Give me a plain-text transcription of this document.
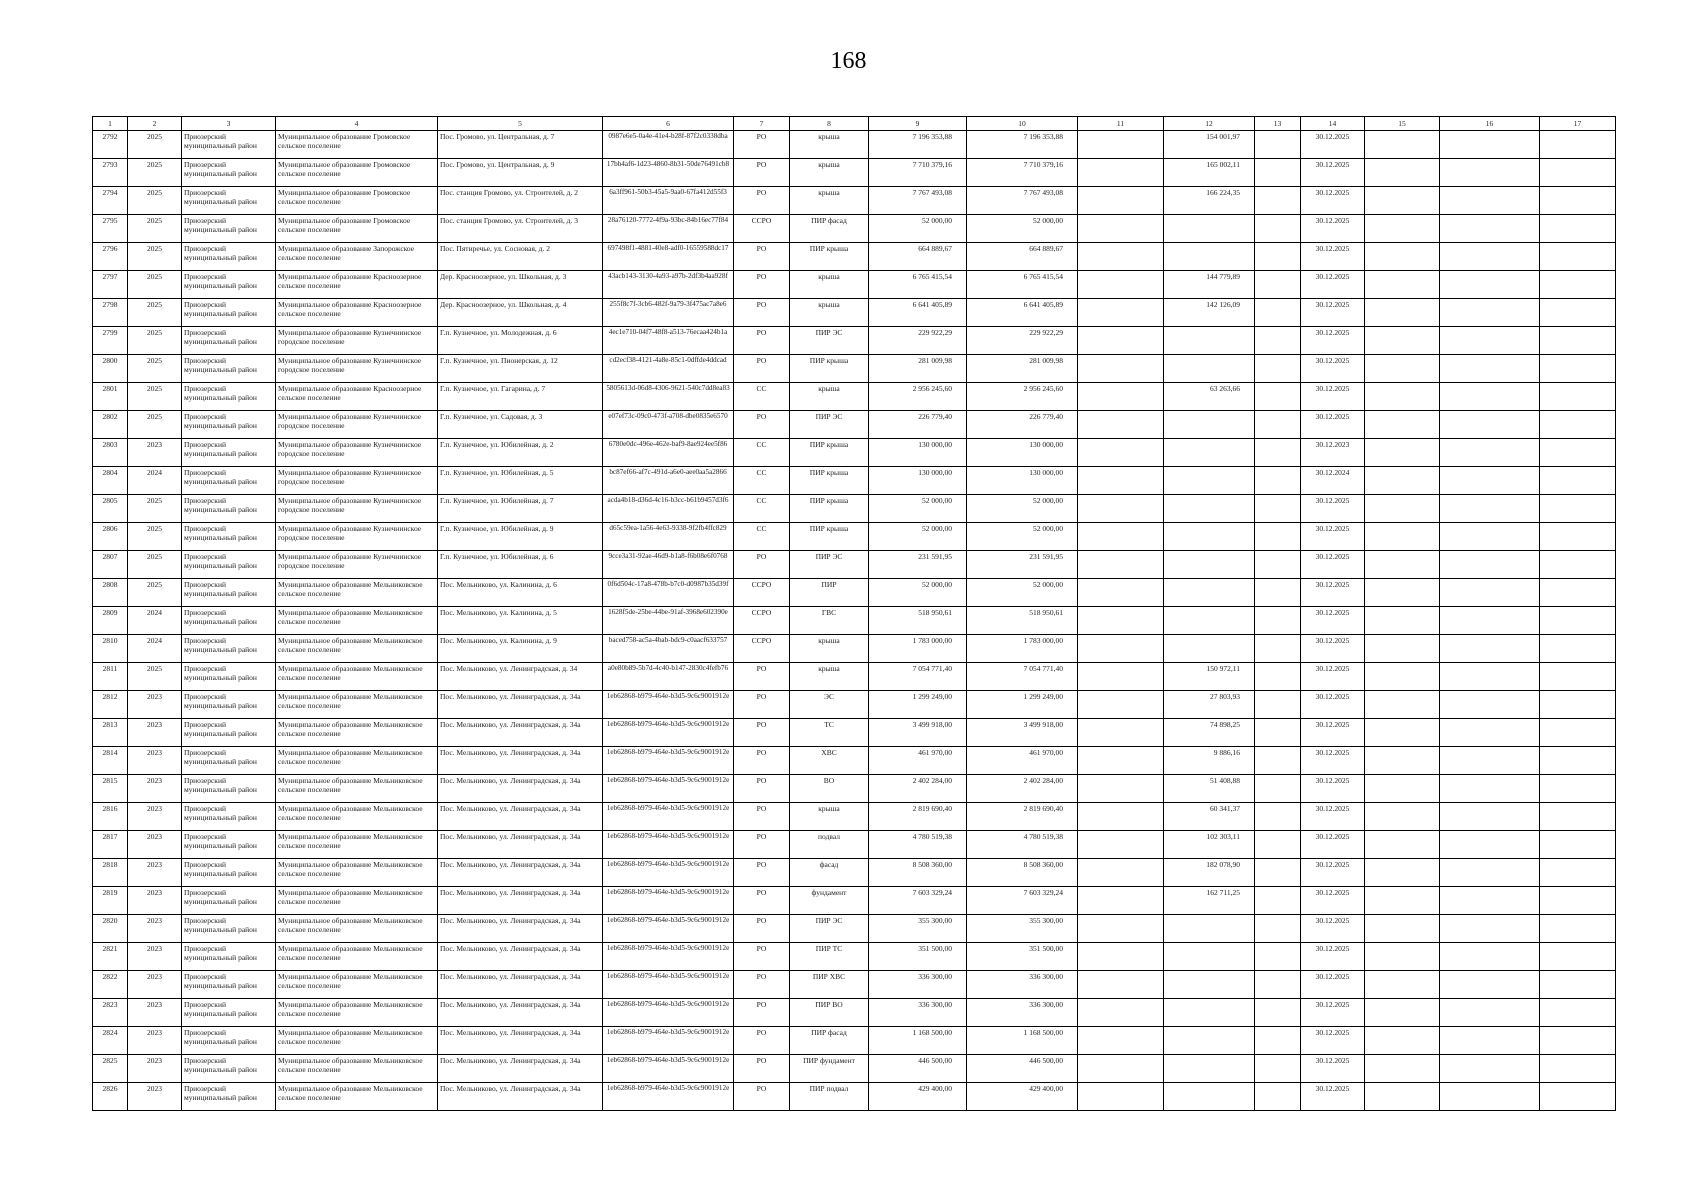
168
1	2	3	4	5	6	7	8	9	10	11	12	13	14	15	16	17
2792	2025	Приозерский муниципальный район	Муниципальное образование Громовское сельское поселение	Пос. Громово, ул. Центральная, д. 7	0987e6e5-0a4e-41e4-b28f-87f2c0338dba	РО	крыша	7 196 353,88	7 196 353,88		154 001,97		30.12.2025			
2793	2025	Приозерский муниципальный район	Муниципальное образование Громовское сельское поселение	Пос. Громово, ул. Центральная, д. 9	17bb4af6-1d23-4860-8b31-50de76491cb8	РО	крыша	7 710 379,16	7 710 379,16		165 002,11		30.12.2025			
2794	2025	Приозерский муниципальный район	Муниципальное образование Громовское сельское поселение	Пос. станция Громово, ул. Строителей, д. 2	6a3ff961-50b3-45a5-9aa0-67fa412d55f3	РО	крыша	7 767 493,08	7 767 493,08		166 224,35		30.12.2025			
2795	2025	Приозерский муниципальный район	Муниципальное образование Громовское сельское поселение	Пос. станция Громово, ул. Строителей, д. 3	28a76120-7772-4f9a-93bc-84b16ec77f84	ССРО	ПИР фасад	52 000,00	52 000,00				30.12.2025			
2796	2025	Приозерский муниципальный район	Муниципальное образование Запорожское сельское поселение	Пос. Пятиречье, ул. Сосновая, д. 2	697498f1-4881-40e8-adf0-16559588dc17	РО	ПИР крыша	664 889,67	664 889,67				30.12.2025			
2797	2025	Приозерский муниципальный район	Муниципальное образование Красноозерное сельское поселение	Дер. Красноозерное, ул. Школьная, д. 3	43acb143-3130-4a93-a97b-2df3b4aa928f	РО	крыша	6 765 415,54	6 765 415,54		144 779,89		30.12.2025			
2798	2025	Приозерский муниципальный район	Муниципальное образование Красноозерное сельское поселение	Дер. Красноозерное, ул. Школьная, д. 4	255f8c7f-3cb6-482f-9a79-3f475ac7a8e6	РО	крыша	6 641 405,89	6 641 405,89		142 126,09		30.12.2025			
2799	2025	Приозерский муниципальный район	Муниципальное образование Кузнечнинское городское поселение	Г.п. Кузнечное, ул. Молодежная, д. 6	4ec1e710-04f7-48f8-a513-76ecaa424b1a	РО	ПИР ЭС	229 922,29	229 922,29				30.12.2025			
2800	2025	Приозерский муниципальный район	Муниципальное образование Кузнечнинское городское поселение	Г.п. Кузнечное, ул. Пионерская, д. 12	cd2ecf38-4121-4a8e-85c1-0dffde4ddcad	РО	ПИР крыша	281 009,98	281 009,98				30.12.2025			
2801	2025	Приозерский муниципальный район	Муниципальное образование Красноозерное сельское поселение	Г.п. Кузнечное, ул. Гагарина, д. 7	5805613d-06d8-4306-9621-540c7dd8ea83	СС	крыша	2 956 245,60	2 956 245,60		63 263,66		30.12.2025			
2802	2025	Приозерский муниципальный район	Муниципальное образование Кузнечнинское городское поселение	Г.п. Кузнечное, ул. Садовая, д. 3	e07ef73c-09c0-473f-a708-dbe0835e6570	РО	ПИР ЭС	226 779,40	226 779,40				30.12.2025			
2803	2023	Приозерский муниципальный район	Муниципальное образование Кузнечнинское городское поселение	Г.п. Кузнечное, ул. Юбилейная, д. 2	6780e0dc-496e-462e-baf9-8ae924ee5f86	СС	ПИР крыша	130 000,00	130 000,00				30.12.2023			
2804	2024	Приозерский муниципальный район	Муниципальное образование Кузнечнинское городское поселение	Г.п. Кузнечное, ул. Юбилейная, д. 5	bc87ef66-af7c-491d-a6e0-aee0aa5a2866	СС	ПИР крыша	130 000,00	130 000,00				30.12.2024			
2805	2025	Приозерский муниципальный район	Муниципальное образование Кузнечнинское городское поселение	Г.п. Кузнечное, ул. Юбилейная, д. 7	acda4b18-d36d-4c16-b3cc-b61b9457d3f6	СС	ПИР крыша	52 000,00	52 000,00				30.12.2025			
2806	2025	Приозерский муниципальный район	Муниципальное образование Кузнечнинское городское поселение	Г.п. Кузнечное, ул. Юбилейная, д. 9	d65c59ea-1a56-4e63-9338-9f2fb4ffc829	СС	ПИР крыша	52 000,00	52 000,00				30.12.2025			
2807	2025	Приозерский муниципальный район	Муниципальное образование Кузнечнинское городское поселение	Г.п. Кузнечное, ул. Юбилейная, д. 6	9cce3a31-92ae-46d9-b1a8-f6b08e6f0768	РО	ПИР ЭС	231 591,95	231 591,95				30.12.2025			
2808	2025	Приозерский муниципальный район	Муниципальное образование Мельниковское сельское поселение	Пос. Мельниково, ул. Калинина, д. 6	0f6d504c-17a8-478b-b7c0-d0987b35d39f	ССРО	ПИР	52 000,00	52 000,00				30.12.2025			
2809	2024	Приозерский муниципальный район	Муниципальное образование Мельниковское сельское поселение	Пос. Мельниково, ул. Калинина, д. 5	1628f5de-25be-44be-91af-3968e602390e	ССРО	ГВС	518 950,61	518 950,61				30.12.2025			
2810	2024	Приозерский муниципальный район	Муниципальное образование Мельниковское сельское поселение	Пос. Мельниково, ул. Калинина, д. 9	baced758-ac5a-4bab-bdc9-c0aacf633757	ССРО	крыша	1 783 000,00	1 783 000,00				30.12.2025			
2811	2025	Приозерский муниципальный район	Муниципальное образование Мельниковское сельское поселение	Пос. Мельниково, ул. Ленинградская, д. 34	a0e80b89-5b7d-4c40-b147-2830c4fefb76	РО	крыша	7 054 771,40	7 054 771,40		150 972,11		30.12.2025			
2812	2023	Приозерский муниципальный район	Муниципальное образование Мельниковское сельское поселение	Пос. Мельниково, ул. Ленинградская, д. 34а	1eb62868-b979-464e-b3d5-9c6c9001912e	РО	ЭС	1 299 249,00	1 299 249,00		27 803,93		30.12.2025			
2813	2023	Приозерский муниципальный район	Муниципальное образование Мельниковское сельское поселение	Пос. Мельниково, ул. Ленинградская, д. 34а	1eb62868-b979-464e-b3d5-9c6c9001912e	РО	ТС	3 499 918,00	3 499 918,00		74 898,25		30.12.2025			
2814	2023	Приозерский муниципальный район	Муниципальное образование Мельниковское сельское поселение	Пос. Мельниково, ул. Ленинградская, д. 34а	1eb62868-b979-464e-b3d5-9c6c9001912e	РО	ХВС	461 970,00	461 970,00		9 886,16		30.12.2025			
2815	2023	Приозерский муниципальный район	Муниципальное образование Мельниковское сельское поселение	Пос. Мельниково, ул. Ленинградская, д. 34а	1eb62868-b979-464e-b3d5-9c6c9001912e	РО	ВО	2 402 284,00	2 402 284,00		51 408,88		30.12.2025			
2816	2023	Приозерский муниципальный район	Муниципальное образование Мельниковское сельское поселение	Пос. Мельниково, ул. Ленинградская, д. 34а	1eb62868-b979-464e-b3d5-9c6c9001912e	РО	крыша	2 819 690,40	2 819 690,40		60 341,37		30.12.2025			
2817	2023	Приозерский муниципальный район	Муниципальное образование Мельниковское сельское поселение	Пос. Мельниково, ул. Ленинградская, д. 34а	1eb62868-b979-464e-b3d5-9c6c9001912e	РО	подвал	4 780 519,38	4 780 519,38		102 303,11		30.12.2025			
2818	2023	Приозерский муниципальный район	Муниципальное образование Мельниковское сельское поселение	Пос. Мельниково, ул. Ленинградская, д. 34а	1eb62868-b979-464e-b3d5-9c6c9001912e	РО	фасад	8 508 360,00	8 508 360,00		182 078,90		30.12.2025			
2819	2023	Приозерский муниципальный район	Муниципальное образование Мельниковское сельское поселение	Пос. Мельниково, ул. Ленинградская, д. 34а	1eb62868-b979-464e-b3d5-9c6c9001912e	РО	фундамент	7 603 329,24	7 603 329,24		162 711,25		30.12.2025			
2820	2023	Приозерский муниципальный район	Муниципальное образование Мельниковское сельское поселение	Пос. Мельниково, ул. Ленинградская, д. 34а	1eb62868-b979-464e-b3d5-9c6c9001912e	РО	ПИР ЭС	355 300,00	355 300,00				30.12.2025			
2821	2023	Приозерский муниципальный район	Муниципальное образование Мельниковское сельское поселение	Пос. Мельниково, ул. Ленинградская, д. 34а	1eb62868-b979-464e-b3d5-9c6c9001912e	РО	ПИР ТС	351 500,00	351 500,00				30.12.2025			
2822	2023	Приозерский муниципальный район	Муниципальное образование Мельниковское сельское поселение	Пос. Мельниково, ул. Ленинградская, д. 34а	1eb62868-b979-464e-b3d5-9c6c9001912e	РО	ПИР ХВС	336 300,00	336 300,00				30.12.2025			
2823	2023	Приозерский муниципальный район	Муниципальное образование Мельниковское сельское поселение	Пос. Мельниково, ул. Ленинградская, д. 34а	1eb62868-b979-464e-b3d5-9c6c9001912e	РО	ПИР ВО	336 300,00	336 300,00				30.12.2025			
2824	2023	Приозерский муниципальный район	Муниципальное образование Мельниковское сельское поселение	Пос. Мельниково, ул. Ленинградская, д. 34а	1eb62868-b979-464e-b3d5-9c6c9001912e	РО	ПИР фасад	1 168 500,00	1 168 500,00				30.12.2025			
2825	2023	Приозерский муниципальный район	Муниципальное образование Мельниковское сельское поселение	Пос. Мельниково, ул. Ленинградская, д. 34а	1eb62868-b979-464e-b3d5-9c6c9001912e	РО	ПИР фундамент	446 500,00	446 500,00				30.12.2025			
2826	2023	Приозерский муниципальный район	Муниципальное образование Мельниковское сельское поселение	Пос. Мельниково, ул. Ленинградская, д. 34а	1eb62868-b979-464e-b3d5-9c6c9001912e	РО	ПИР подвал	429 400,00	429 400,00				30.12.2025			
